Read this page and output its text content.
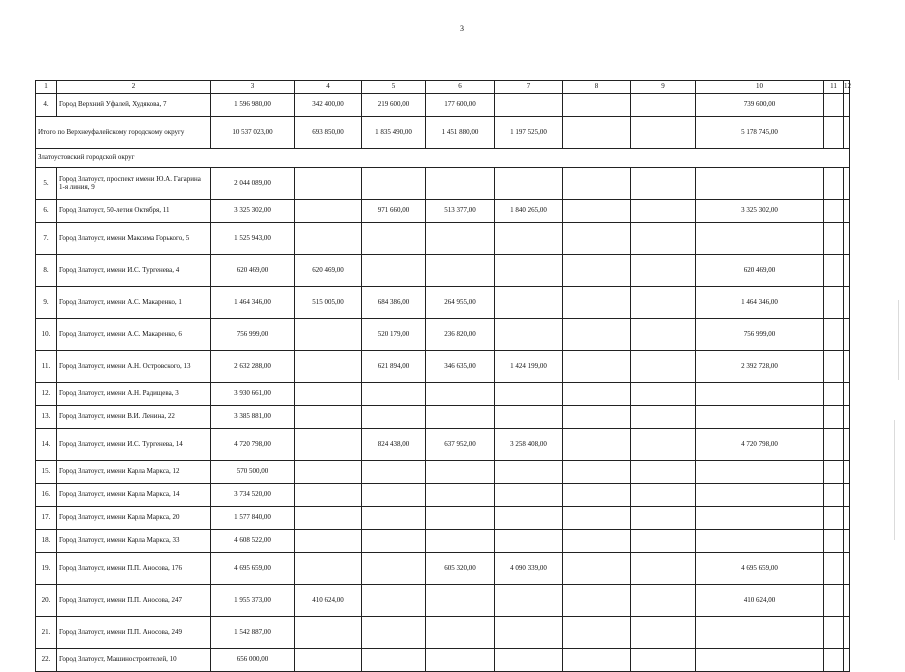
3
1	2	3	4	5	6	7	8	9	10	11	12
4.	Город Верхний Уфалей, Худякова, 7	1 596 980,00	342 400,00	219 600,00	177 600,00				739 600,00		
Итого по Верхнеуфалейскому городскому округу		10 537 023,00	693 850,00	1 835 490,00	1 451 880,00	1 197 525,00			5 178 745,00		
Златоустовский городской округ											
5.	Город Златоуст, проспект имени Ю.А. Гагарина 1-я линия, 9	2 044 089,00									
6.	Город Златоуст, 50-летия Октября, 11	3 325 302,00		971 660,00	513 377,00	1 840 265,00			3 325 302,00		
7.	Город Златоуст, имени Максима Горького, 5	1 525 943,00									
8.	Город Златоуст, имени И.С. Тургенева, 4	620 469,00	620 469,00						620 469,00		
9.	Город Златоуст, имени А.С. Макаренко, 1	1 464 346,00	515 005,00	684 386,00	264 955,00				1 464 346,00		
10.	Город Златоуст, имени А.С. Макаренко, 6	756 999,00		520 179,00	236 820,00				756 999,00		
11.	Город Златоуст, имени А.Н. Островского, 13	2 632 288,00		621 894,00	346 635,00	1 424 199,00			2 392 728,00		
12.	Город Златоуст, имени А.Н. Радищева, 3	3 930 661,00									
13.	Город Златоуст, имени В.И. Ленина, 22	3 385 881,00									
14.	Город Златоуст, имени И.С. Тургенева, 14	4 720 798,00		824 438,00	637 952,00	3 258 408,00			4 720 798,00		
15.	Город Златоуст, имени Карла Маркса, 12	570 500,00									
16.	Город Златоуст, имени Карла Маркса, 14	3 734 520,00									
17.	Город Златоуст, имени Карла Маркса, 20	1 577 840,00									
18.	Город Златоуст, имени Карла Маркса, 33	4 608 522,00									
19.	Город Златоуст, имени П.П. Аносова, 176	4 695 659,00			605 320,00	4 090 339,00			4 695 659,00		
20.	Город Златоуст, имени П.П. Аносова, 247	1 955 373,00	410 624,00						410 624,00		
21.	Город Златоуст, имени П.П. Аносова, 249	1 542 887,00									
22.	Город Златоуст, Машиностроителей, 10	656 000,00									
